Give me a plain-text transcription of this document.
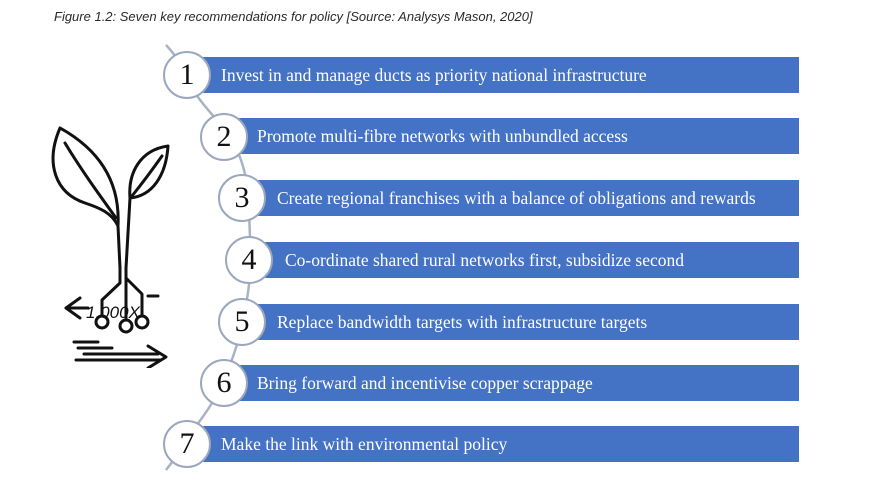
Figure 1.2: Seven key recommendations for policy [Source: Analysys Mason, 2020]
1,000X
Invest in and manage ducts as priority national infrastructure
Promote multi-fibre networks with unbundled access
Create regional franchises with a balance of obligations and rewards
Co-ordinate shared rural networks first, subsidize second
Replace bandwidth targets with infrastructure targets
Bring forward and incentivise copper scrappage
Make the link with environmental policy
1
2
3
4
5
6
7
